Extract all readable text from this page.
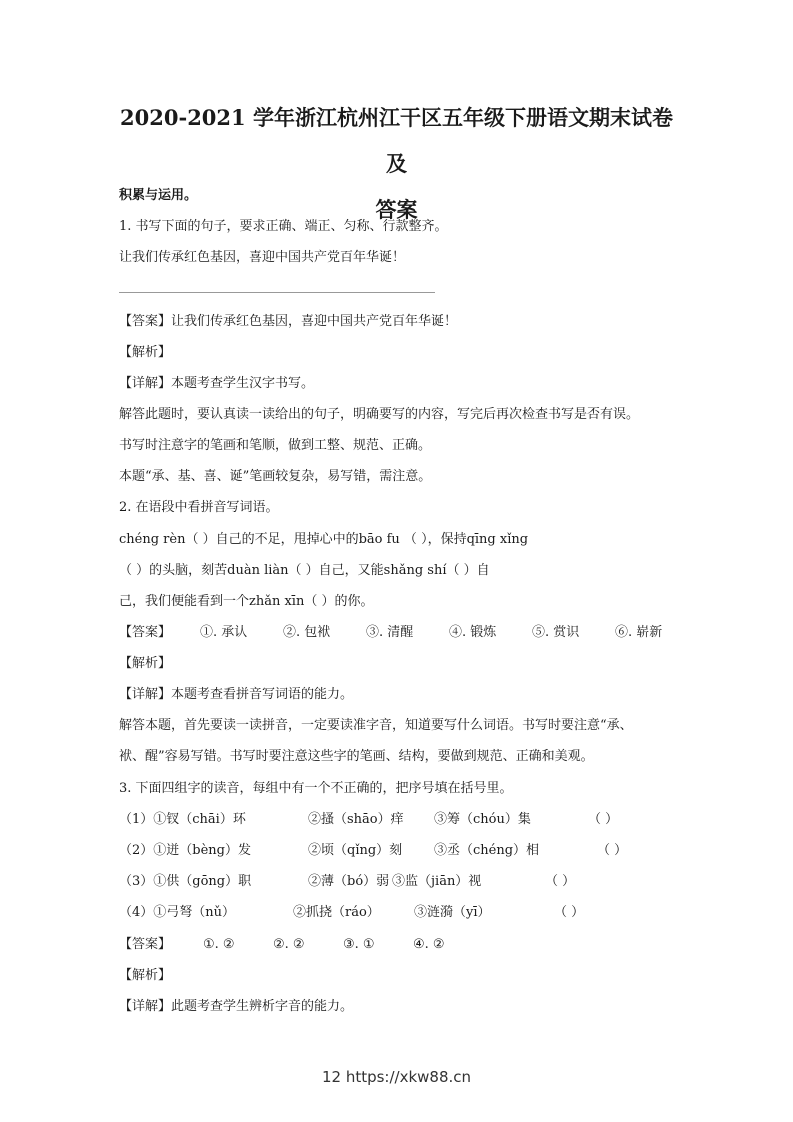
2020-2021 学年浙江杭州江干区五年级下册语文期末试卷及
答案
积累与运用。
1. 书写下面的句子，要求正确、端正、匀称、行款整齐。
让我们传承红色基因，喜迎中国共产党百年华诞！
【答案】让我们传承红色基因，喜迎中国共产党百年华诞！
【解析】
【详解】本题考查学生汉字书写。
解答此题时，要认真读一读给出的句子，明确要写的内容，写完后再次检查书写是否有误。
书写时注意字的笔画和笔顺，做到工整、规范、正确。
本题“承、基、喜、诞”笔画较复杂，易写错，需注意。
2. 在语段中看拼音写词语。
chéng rèn（ ）自己的不足，甩掉心中的bāo fu （ ），保持qīng xǐng
（ ）的头脑，刻苦duàn liàn（ ）自己，又能shǎng shí（ ）自
己，我们便能看到一个zhǎn xīn（ ）的你。
【答案】 ①. 承认	②. 包袱	③. 清醒	④. 锻炼	⑤. 赏识	⑥. 崭新
【解析】
【详解】本题考查看拼音写词语的能力。
解答本题，首先要读一读拼音，一定要读准字音，知道要写什么词语。书写时要注意“承、
袱、醒”容易写错。书写时要注意这些字的笔画、结构，要做到规范、正确和美观。
3. 下面四组字的读音，每组中有一个不正确的，把序号填在括号里。
（1）①钗（chāi）环	②搔（shāo）痒 ③筹（chóu）集	（ ）
（2）①迸（bèng）发	②顷（qǐng）刻 ③丞（chéng）相	（ ）
（3）①供（gōng）职	②薄（bó）弱 ③监（jiān）视	（ ）
（4）①弓弩（nǔ）	②抓挠（ráo）	③涟漪（yī）	（ ）
【答案】 ①. ②	②. ②	③. ①	④. ②
【解析】
【详解】此题考查学生辨析字音的能力。
12 https://xkw88.cn
